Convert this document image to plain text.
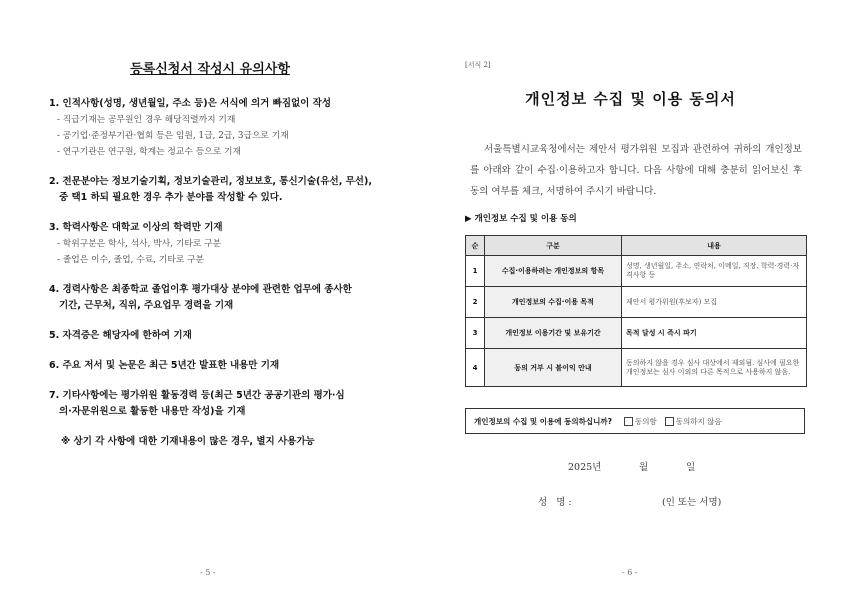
등록신청서 작성시 유의사항
1. 인적사항(성명, 생년월일, 주소 등)은 서식에 의거 빠짐없이 작성
- 직급기재는 공무원인 경우 해당직렬까지 기재
- 공기업·준정부기관·협회 등은 임원, 1급, 2급, 3급으로 기재
- 연구기관은 연구원, 학계는 정교수 등으로 기재
2. 전문분야는 정보기술기획, 정보기술관리, 정보보호, 통신기술(유선, 무선),
중 택1 하되 필요한 경우 추가 분야를 작성할 수 있다.
3. 학력사항은 대학교 이상의 학력만 기재
- 학위구분은 학사, 석사, 박사, 기타로 구분
- 졸업은 이수, 졸업, 수료, 기타로 구분
4. 경력사항은 최종학교 졸업이후 평가대상 분야에 관련한 업무에 종사한
기간, 근무처, 직위, 주요업무 경력을 기재
5. 자격증은 해당자에 한하여 기재
6. 주요 저서 및 논문은 최근 5년간 발표한 내용만 기재
7. 기타사항에는 평가위원 활동경력 등(최근 5년간 공공기관의 평가·심
의·자문위원으로 활동한 내용만 작성)을 기재
※ 상기 각 사항에 대한 기재내용이 많은 경우, 별지 사용가능
- 5 -
[서식 2]
개인정보 수집 및 이용 동의서
서울특별시교육청에서는 제안서 평가위원 모집과 관련하여 귀하의 개인정보를 아래와 같이 수집·이용하고자 합니다. 다음 사항에 대해 충분히 읽어보신 후 동의 여부를 체크, 서명하여 주시기 바랍니다.
▶ 개인정보 수집 및 이용 동의
순	구분	내용
1	수집·이용하려는 개인정보의 항목	성명, 생년월일, 주소, 연락처, 이메일, 직장, 학력·경력·자격사항 등
2	개인정보의 수집·이용 목적	제안서 평가위원(후보자) 모집
3	개인정보 이용기간 및 보유기간	목적 달성 시 즉시 파기
4	동의 거부 시 불이익 안내	동의하지 않을 경우 심사 대상에서 제외됨. 심사에 필요한 개인정보는 심사 이외의 다른 목적으로 사용하지 않음.
개인정보의 수집 및 이용에 동의하십니까?	동의함	동의하지 않음
2025년	월	일
성   명 :	(인 또는 서명)
- 6 -
